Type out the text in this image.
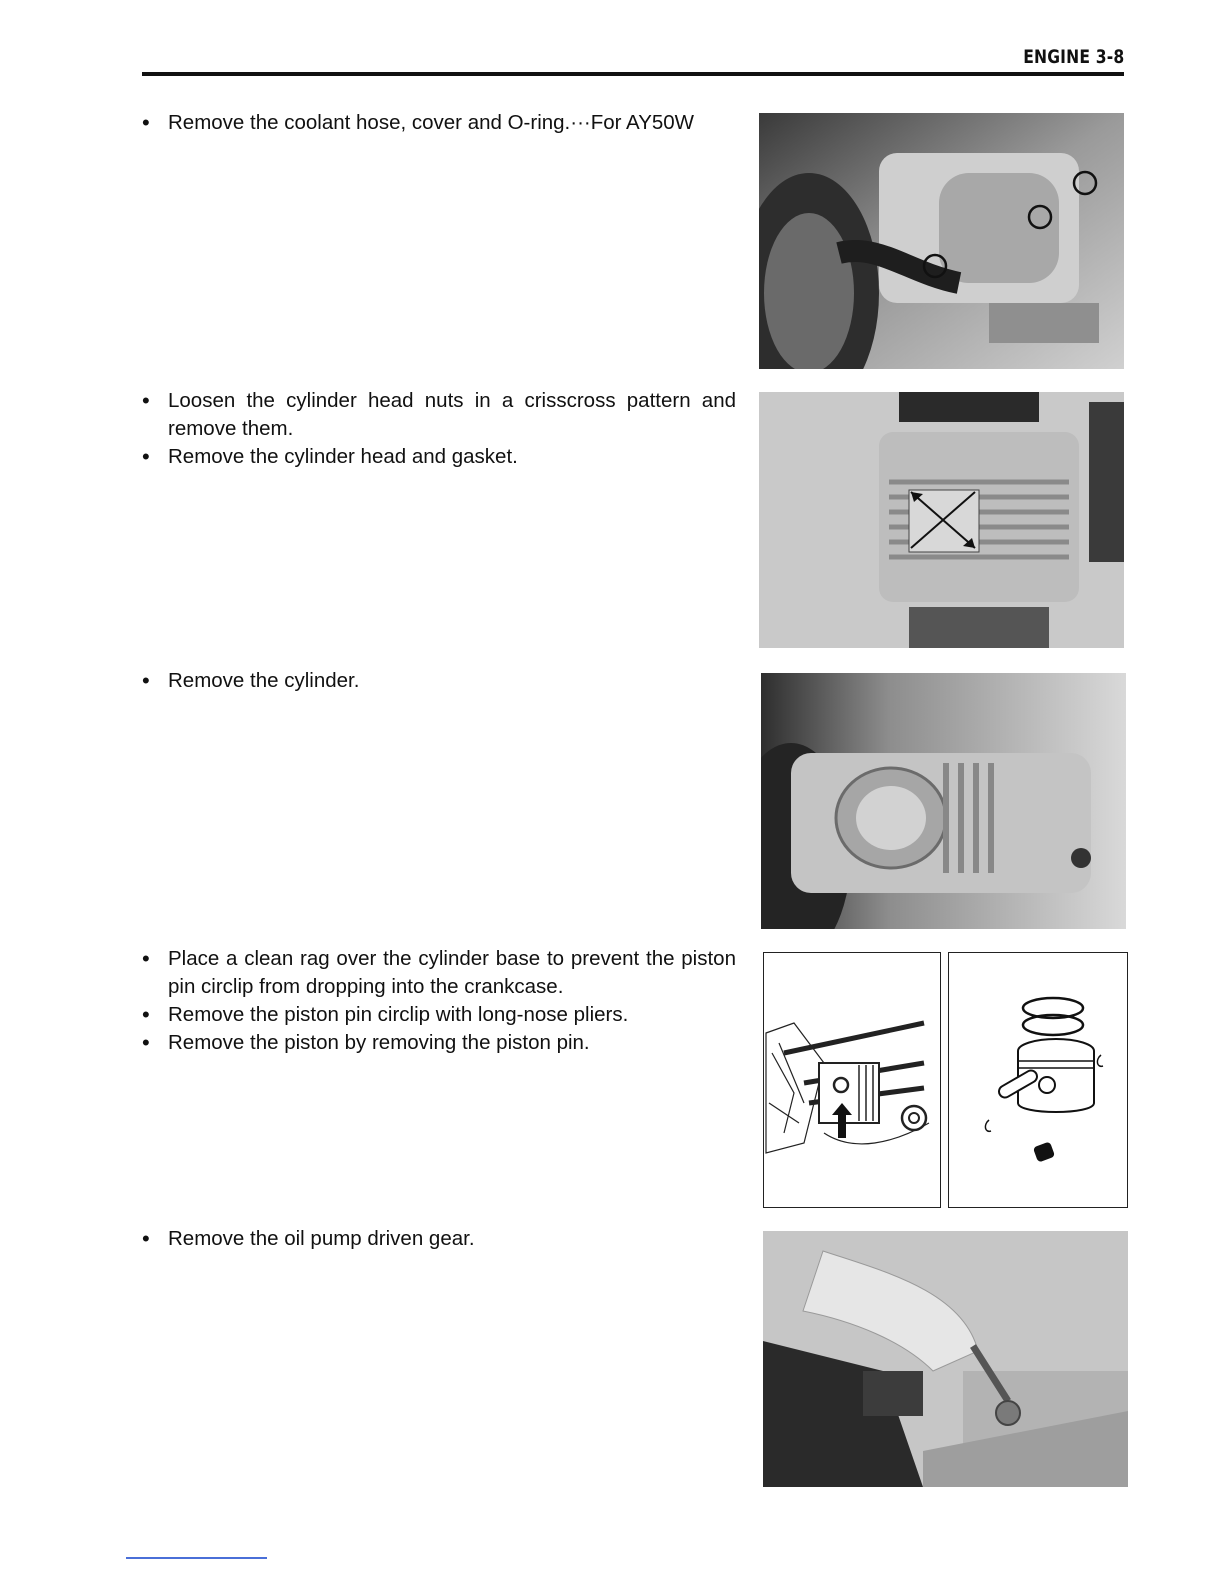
ENGINE 3-8
• Remove the coolant hose, cover and O-ring.···For AY50W
• Loosen the cylinder head nuts in a crisscross pattern and remove them.
• Remove the cylinder head and gasket.
• Remove the cylinder.
• Place a clean rag over the cylinder base to prevent the piston pin circlip from dropping into the crankcase.
• Remove the piston pin circlip with long-nose pliers.
• Remove the piston by removing the piston pin.
• Remove the oil pump driven gear.
